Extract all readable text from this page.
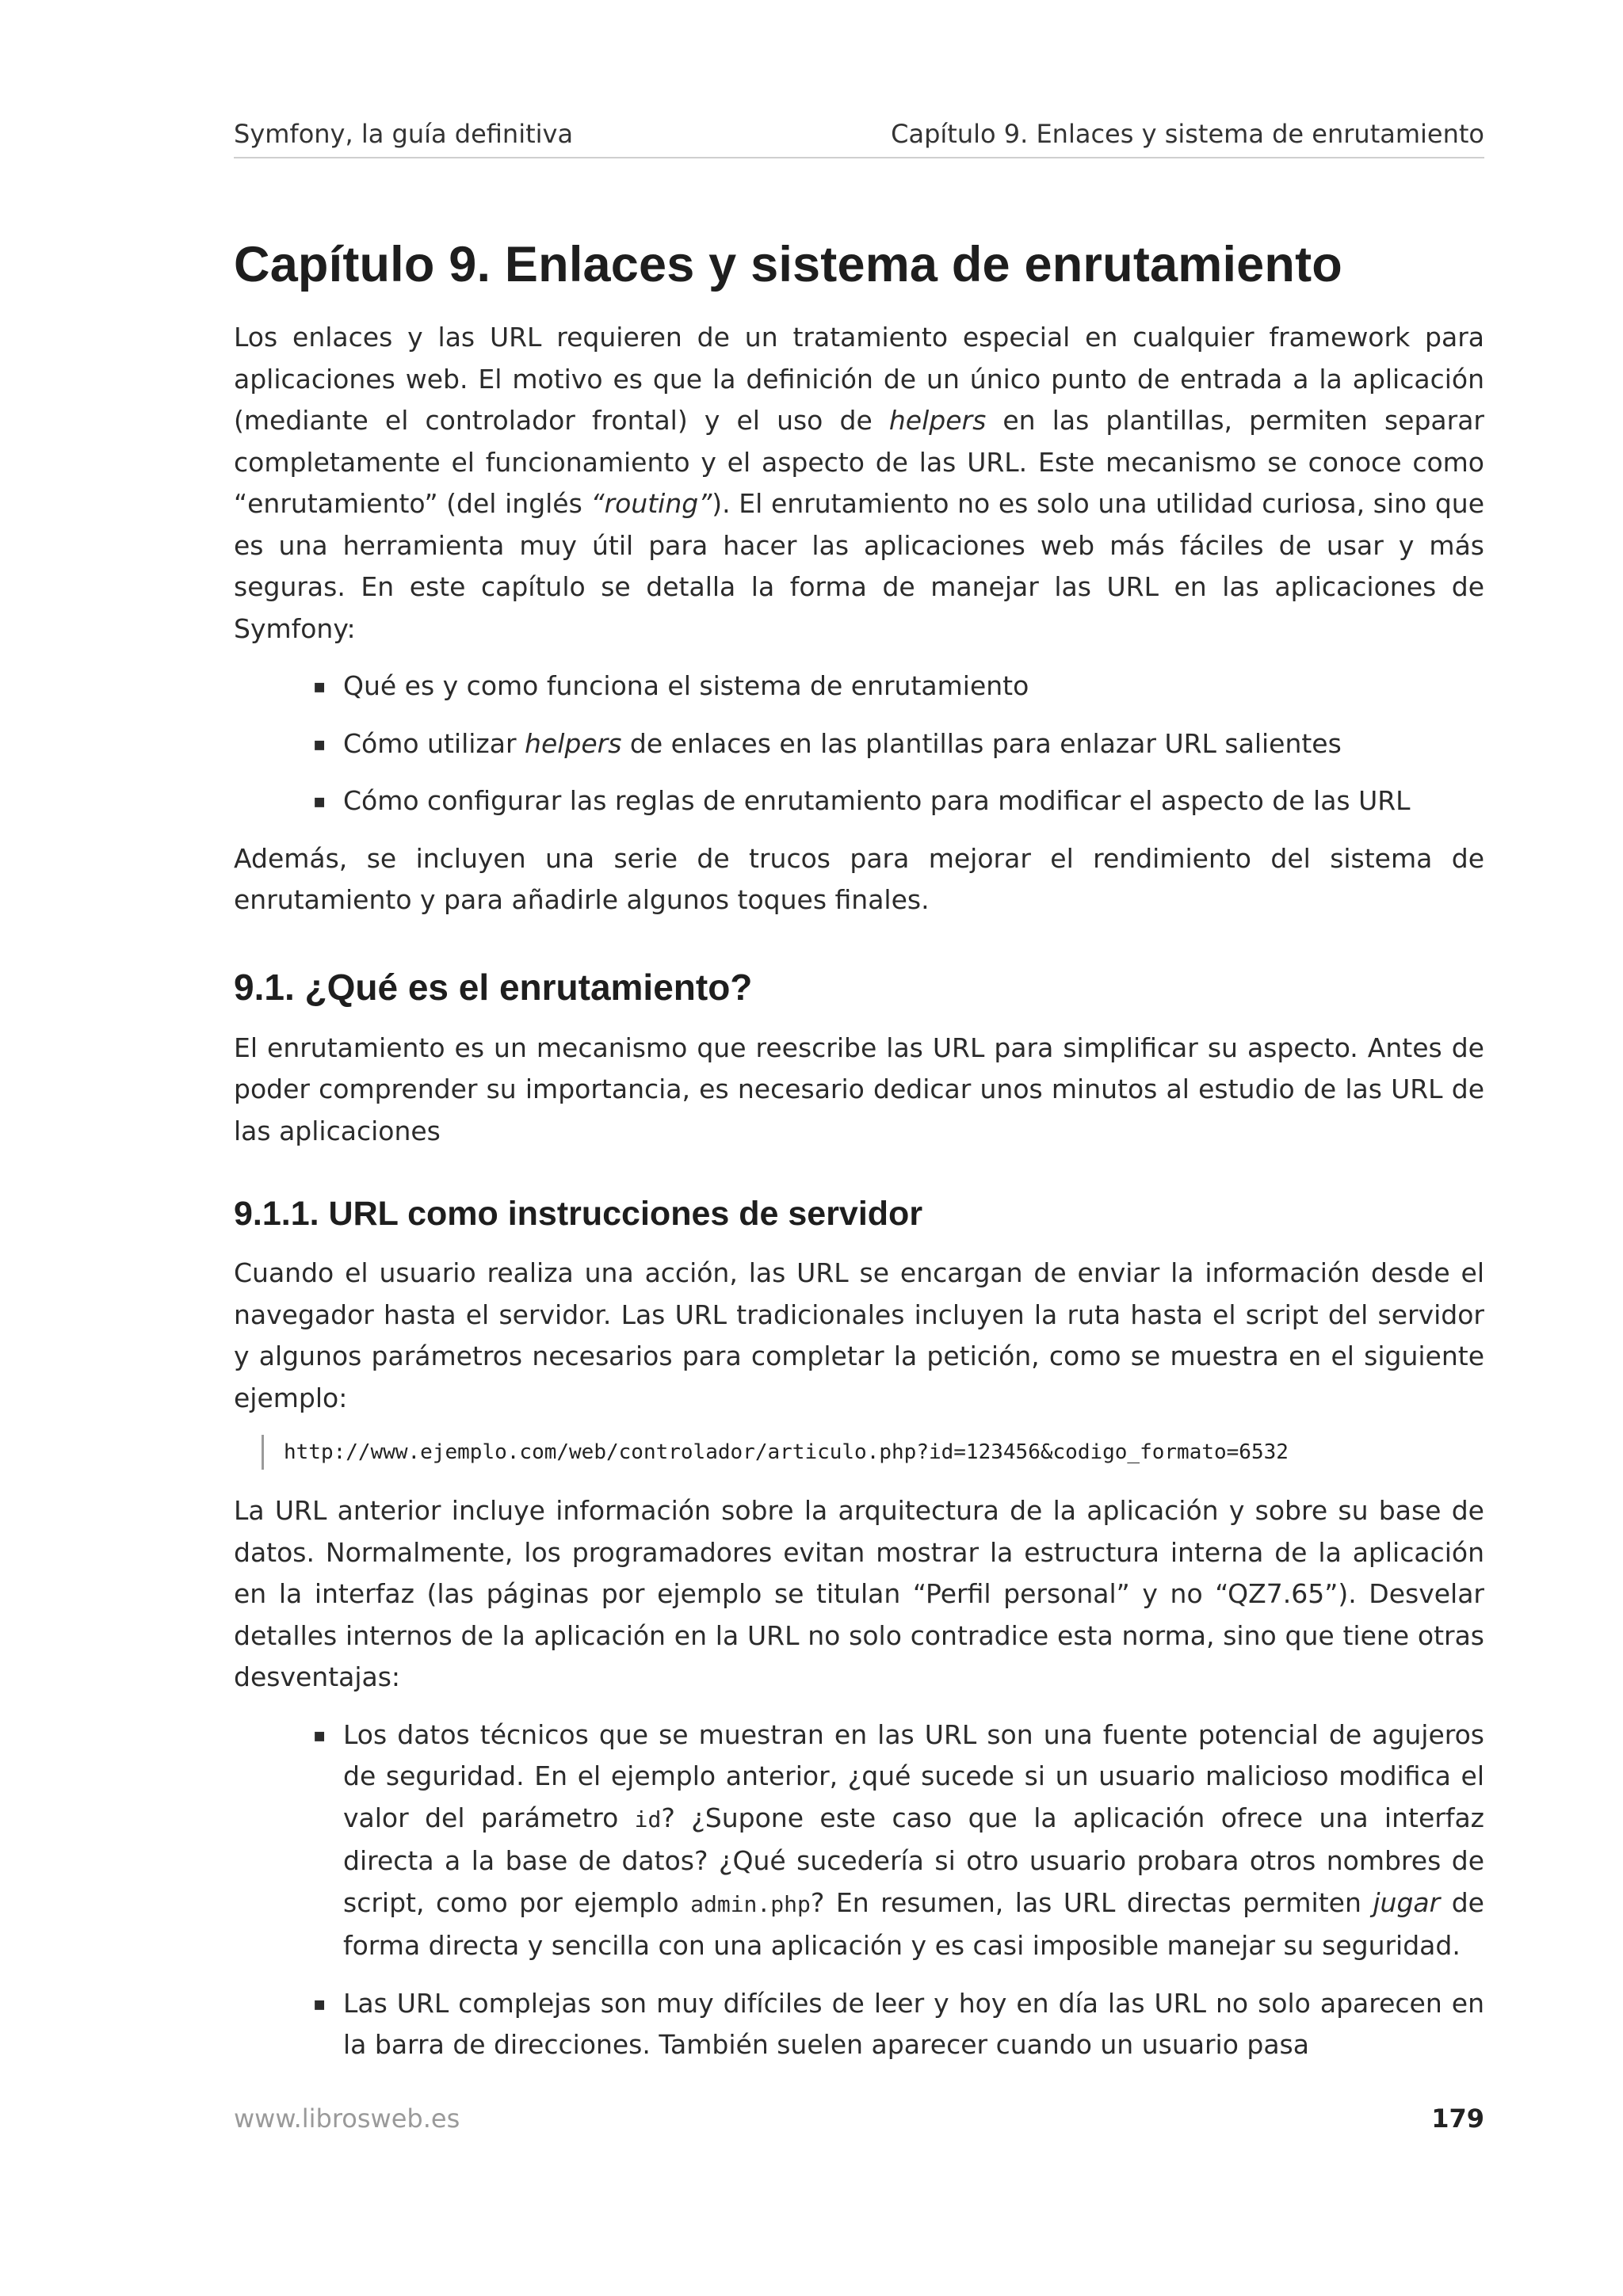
Symfony, la guía definitiva	Capítulo 9. Enlaces y sistema de enrutamiento
Capítulo 9. Enlaces y sistema de enrutamiento

Los enlaces y las URL requieren de un tratamiento especial en cualquier framework para aplicaciones web. El motivo es que la definición de un único punto de entrada a la aplicación (mediante el controlador frontal) y el uso de helpers en las plantillas, permiten separar completamente el funcionamiento y el aspecto de las URL. Este mecanismo se conoce como “enrutamiento” (del inglés “routing”). El enrutamiento no es solo una utilidad curiosa, sino que es una herramienta muy útil para hacer las aplicaciones web más fáciles de usar y más seguras. En este capítulo se detalla la forma de manejar las URL en las aplicaciones de Symfony:

▪ Qué es y como funciona el sistema de enrutamiento
▪ Cómo utilizar helpers de enlaces en las plantillas para enlazar URL salientes
▪ Cómo configurar las reglas de enrutamiento para modificar el aspecto de las URL

Además, se incluyen una serie de trucos para mejorar el rendimiento del sistema de enrutamiento y para añadirle algunos toques finales.

9.1. ¿Qué es el enrutamiento?

El enrutamiento es un mecanismo que reescribe las URL para simplificar su aspecto. Antes de poder comprender su importancia, es necesario dedicar unos minutos al estudio de las URL de las aplicaciones

9.1.1. URL como instrucciones de servidor

Cuando el usuario realiza una acción, las URL se encargan de enviar la información desde el navegador hasta el servidor. Las URL tradicionales incluyen la ruta hasta el script del servidor y algunos parámetros necesarios para completar la petición, como se muestra en el siguiente ejemplo:

http://www.ejemplo.com/web/controlador/articulo.php?id=123456&codigo_formato=6532

La URL anterior incluye información sobre la arquitectura de la aplicación y sobre su base de datos. Normalmente, los programadores evitan mostrar la estructura interna de la aplicación en la interfaz (las páginas por ejemplo se titulan “Perfil personal” y no “QZ7.65”). Desvelar detalles internos de la aplicación en la URL no solo contradice esta norma, sino que tiene otras desventajas:

▪ Los datos técnicos que se muestran en las URL son una fuente potencial de agujeros de seguridad. En el ejemplo anterior, ¿qué sucede si un usuario malicioso modifica el valor del parámetro id? ¿Supone este caso que la aplicación ofrece una interfaz directa a la base de datos? ¿Qué sucedería si otro usuario probara otros nombres de script, como por ejemplo admin.php? En resumen, las URL directas permiten jugar de forma directa y sencilla con una aplicación y es casi imposible manejar su seguridad.
▪ Las URL complejas son muy difíciles de leer y hoy en día las URL no solo aparecen en la barra de direcciones. También suelen aparecer cuando un usuario pasa
www.librosweb.es	179
